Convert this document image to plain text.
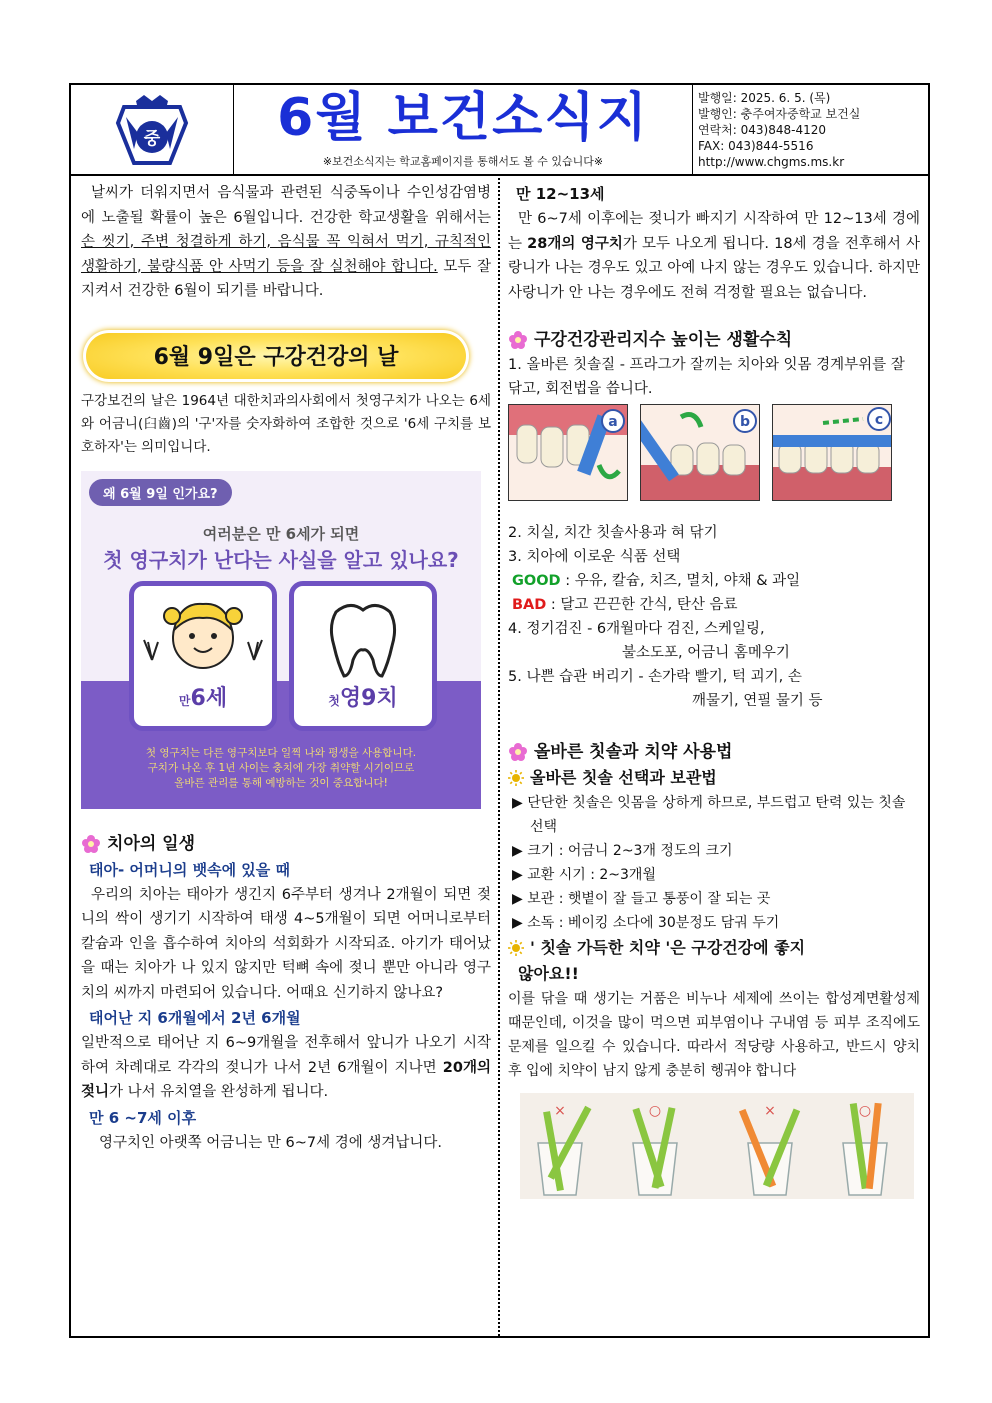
중	6월 보건소식지
※보건소식지는 학교홈페이지를 통해서도 볼 수 있습니다※
발행일: 2025. 6. 5. (목)
발행인: 충주여자중학교 보건실
연락처: 043)848-4120
FAX: 043)844-5516
http://www.chgms.ms.kr

날씨가 더워지면서 음식물과 관련된 식중독이나 수인성감염병에 노출될 확률이 높은 6월입니다. 건강한 학교생활을 위해서는 손 씻기, 주변 청결하게 하기, 음식물 꼭 익혀서 먹기, 규칙적인 생활하기, 불량식품 안 사먹기 등을 잘 실천해야 합니다. 모두 잘 지켜서 건강한 6월이 되기를 바랍니다.

6월 9일은 구강건강의 날

구강보건의 날은 1964년 대한치과의사회에서 첫영구치가 나오는 6세와 어금니(臼齒)의 '구'자를 숫자화하여 조합한 것으로 '6세 구치를 보호하자'는 의미입니다.

왜 6월 9일 인가요?
여러분은 만 6세가 되면
첫 영구치가 난다는 사실을 알고 있나요?
만6세	첫영9치
첫 영구치는 다른 영구치보다 일찍 나와 평생을 사용합니다.
구치가 나온 후 1년 사이는 충치에 가장 취약할 시기이므로
올바른 관리를 통해 예방하는 것이 중요합니다!
치아의 일생
태아- 어머니의 뱃속에 있을 때

우리의 치아는 태아가 생긴지 6주부터 생겨나 2개월이 되면 젖니의 싹이 생기기 시작하여 태생 4~5개월이 되면 어머니로부터 칼슘과 인을 흡수하여 치아의 석회화가 시작되죠. 아기가 태어났을 때는 치아가 나 있지 않지만 턱뼈 속에 젖니 뿐만 아니라 영구치의 씨까지 마련되어 있습니다. 어때요 신기하지 않나요?

태어난 지 6개월에서 2년 6개월

일반적으로 태어난 지 6~9개월을 전후해서 앞니가 나오기 시작하여 차례대로 각각의 젖니가 나서 2년 6개월이 지나면 20개의 젖니가 나서 유치열을 완성하게 됩니다.

만 6 ~7세 이후

영구치인 아랫쪽 어금니는 만 6~7세 경에 생겨납니다.

만 12~13세

만 6~7세 이후에는 젖니가 빠지기 시작하여 만 12~13세 경에는 28개의 영구치가 모두 나오게 됩니다. 18세 경을 전후해서 사랑니가 나는 경우도 있고 아예 나지 않는 경우도 있습니다. 하지만 사랑니가 안 나는 경우에도 전혀 걱정할 필요는 없습니다.

구강건강관리지수 높이는 생활수칙

1. 올바른 칫솔질 - 프라그가 잘끼는 치아와 잇몸 경계부위를 잘 닦고, 회전법을 씁니다.

a	b	c

2. 치실, 치간 칫솔사용과 혀 닦기

3. 치아에 이로운 식품 선택

GOOD : 우유, 칼슘, 치즈, 멸치, 야채 & 과일

BAD : 달고 끈끈한 간식, 탄산 음료

4. 정기검진 - 6개월마다 검진, 스케일링,

불소도포, 어금니 홈메우기

5. 나쁜 습관 버리기 - 손가락 빨기, 턱 괴기, 손

깨물기, 연필 물기 등

올바른 칫솔과 치약 사용법
올바른 칫솔 선택과 보관법

▶ 단단한 칫솔은 잇몸을 상하게 하므로, 부드럽고 탄력 있는 칫솔 선택

▶ 크기 : 어금니 2~3개 정도의 크기

▶ 교환 시기 : 2~3개월

▶ 보관 : 햇볕이 잘 들고 통풍이 잘 되는 곳

▶ 소독 : 베이킹 소다에 30분정도 담궈 두기

' 칫솔 가득한 치약 '은 구강건강에 좋지
않아요!!

이를 닦을 때 생기는 거품은 비누나 세제에 쓰이는 합성계면활성제 때문인데, 이것을 많이 먹으면 피부염이나 구내염 등 피부 조직에도 문제를 일으킬 수 있습니다. 따라서 적당량 사용하고, 반드시 양치 후 입에 치약이 남지 않게 충분히 헹궈야 합니다

×	○	×	○
